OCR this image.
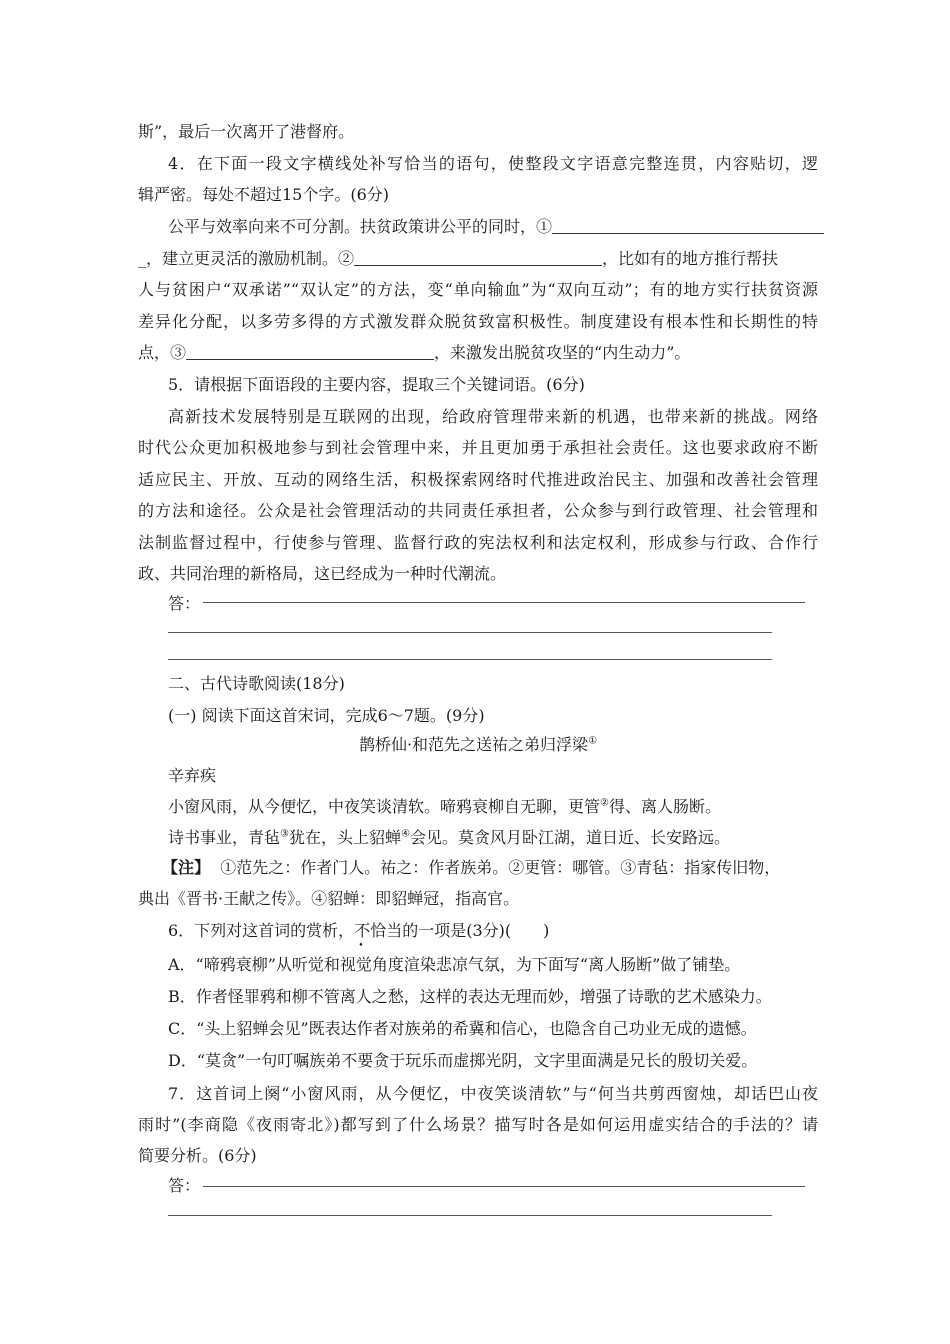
斯”，最后一次离开了港督府。
4．在下面一段文字横线处补写恰当的语句，使整段文字语意完整连贯，内容贴切，逻
辑严密。每处不超过15个字。(6分)
公平与效率向来不可分割。扶贫政策讲公平的同时，①
_，建立更灵活的激励机制。②	，比如有的地方推行帮扶
人与贫困户“双承诺”“双认定”的方法，变“单向输血”为“双向互动”；有的地方实行扶贫资源
差异化分配，以多劳多得的方式激发群众脱贫致富积极性。制度建设有根本性和长期性的特
点，③	，来激发出脱贫攻坚的“内生动力”。
5．请根据下面语段的主要内容，提取三个关键词语。(6分)
高新技术发展特别是互联网的出现，给政府管理带来新的机遇，也带来新的挑战。网络
时代公众更加积极地参与到社会管理中来，并且更加勇于承担社会责任。这也要求政府不断
适应民主、开放、互动的网络生活，积极探索网络时代推进政治民主、加强和改善社会管理
的方法和途径。公众是社会管理活动的共同责任承担者，公众参与到行政管理、社会管理和
法制监督过程中，行使参与管理、监督行政的宪法权利和法定权利，形成参与行政、合作行
政、共同治理的新格局，这已经成为一种时代潮流。
答：
二、古代诗歌阅读(18分)
(一) 阅读下面这首宋词，完成6～7题。(9分)
鹊桥仙·和范先之送祐之弟归浮梁①
辛弃疾
小窗风雨，从今便忆，中夜笑谈清软。啼鸦衰柳自无聊，更管②得、离人肠断。
诗书事业，青毡③犹在，头上貂蝉④会见。莫贪风月卧江湖，道日近、长安路远。
【注】 ①范先之：作者门人。祐之：作者族弟。②更管：哪管。③青毡：指家传旧物，
典出《晋书·王献之传》。④貂蝉：即貂蝉冠，指高官。
6．下列对这首词的赏析，不恰当的一项是(3分)(　　)
A．“啼鸦衰柳”从听觉和视觉角度渲染悲凉气氛，为下面写“离人肠断”做了铺垫。
B．作者怪罪鸦和柳不管离人之愁，这样的表达无理而妙，增强了诗歌的艺术感染力。
C．“头上貂蝉会见”既表达作者对族弟的希冀和信心，也隐含自己功业无成的遗憾。
D．“莫贪”一句叮嘱族弟不要贪于玩乐而虚掷光阴，文字里面满是兄长的殷切关爱。
7．这首词上阕“小窗风雨，从今便忆，中夜笑谈清软”与“何当共剪西窗烛，却话巴山夜
雨时”(李商隐《夜雨寄北》)都写到了什么场景？描写时各是如何运用虚实结合的手法的？请
简要分析。(6分)
答：
